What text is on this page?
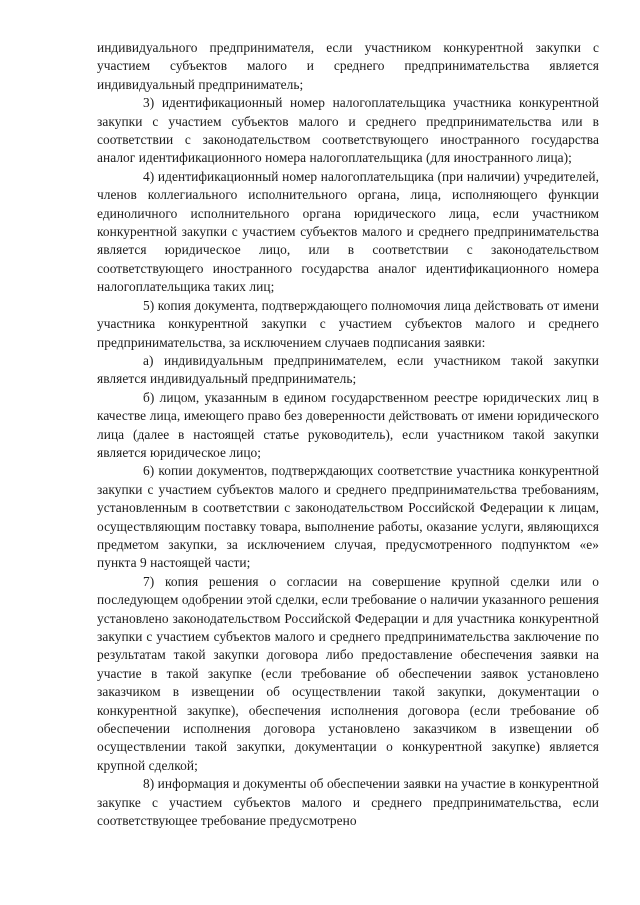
индивидуального предпринимателя, если участником конкурентной закупки с участием субъектов малого и среднего предпринимательства является индивидуальный предприниматель;

3) идентификационный номер налогоплательщика участника конкурентной закупки с участием субъектов малого и среднего предпринимательства или в соответствии с законодательством соответствующего иностранного государства аналог идентификационного номера налогоплательщика (для иностранного лица);

4) идентификационный номер налогоплательщика (при наличии) учредителей, членов коллегиального исполнительного органа, лица, исполняющего функции единоличного исполнительного органа юридического лица, если участником конкурентной закупки с участием субъектов малого и среднего предпринимательства является юридическое лицо, или в соответствии с законодательством соответствующего иностранного государства аналог идентификационного номера налогоплательщика таких лиц;

5) копия документа, подтверждающего полномочия лица действовать от имени участника конкурентной закупки с участием субъектов малого и среднего предпринимательства, за исключением случаев подписания заявки:

а) индивидуальным предпринимателем, если участником такой закупки является индивидуальный предприниматель;

б) лицом, указанным в едином государственном реестре юридических лиц в качестве лица, имеющего право без доверенности действовать от имени юридического лица (далее в настоящей статье руководитель), если участником такой закупки является юридическое лицо;

6) копии документов, подтверждающих соответствие участника конкурентной закупки с участием субъектов малого и среднего предпринимательства требованиям, установленным в соответствии с законодательством Российской Федерации к лицам, осуществляющим поставку товара, выполнение работы, оказание услуги, являющихся предметом закупки, за исключением случая, предусмотренного подпунктом «е» пункта 9 настоящей части;

7) копия решения о согласии на совершение крупной сделки или о последующем одобрении этой сделки, если требование о наличии указанного решения установлено законодательством Российской Федерации и для участника конкурентной закупки с участием субъектов малого и среднего предпринимательства заключение по результатам такой закупки договора либо предоставление обеспечения заявки на участие в такой закупке (если требование об обеспечении заявок установлено заказчиком в извещении об осуществлении такой закупки, документации о конкурентной закупке), обеспечения исполнения договора (если требование об обеспечении исполнения договора установлено заказчиком в извещении об осуществлении такой закупки, документации о конкурентной закупке) является крупной сделкой;

8) информация и документы об обеспечении заявки на участие в конкурентной закупке с участием субъектов малого и среднего предпринимательства, если соответствующее требование предусмотрено
